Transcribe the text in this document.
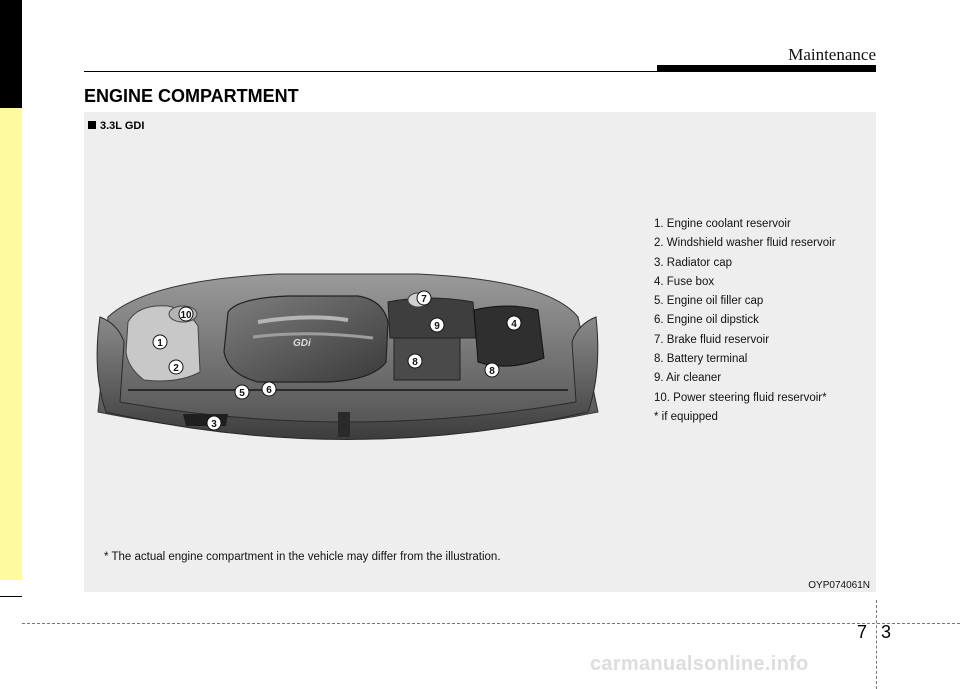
Maintenance
ENGINE COMPARTMENT
3.3L GDI
GDi
10
1
2
5 6
3
7
9	4
8
8
1. Engine coolant reservoir
2. Windshield washer fluid reservoir
3. Radiator cap
4. Fuse box
5. Engine oil filler cap
6. Engine oil dipstick
7. Brake fluid reservoir
8. Battery terminal
9. Air cleaner
10. Power steering fluid reservoir*
* if equipped
* The actual engine compartment in the vehicle may differ from the illustration.
OYP074061N
7 3
carmanualsonline.info
